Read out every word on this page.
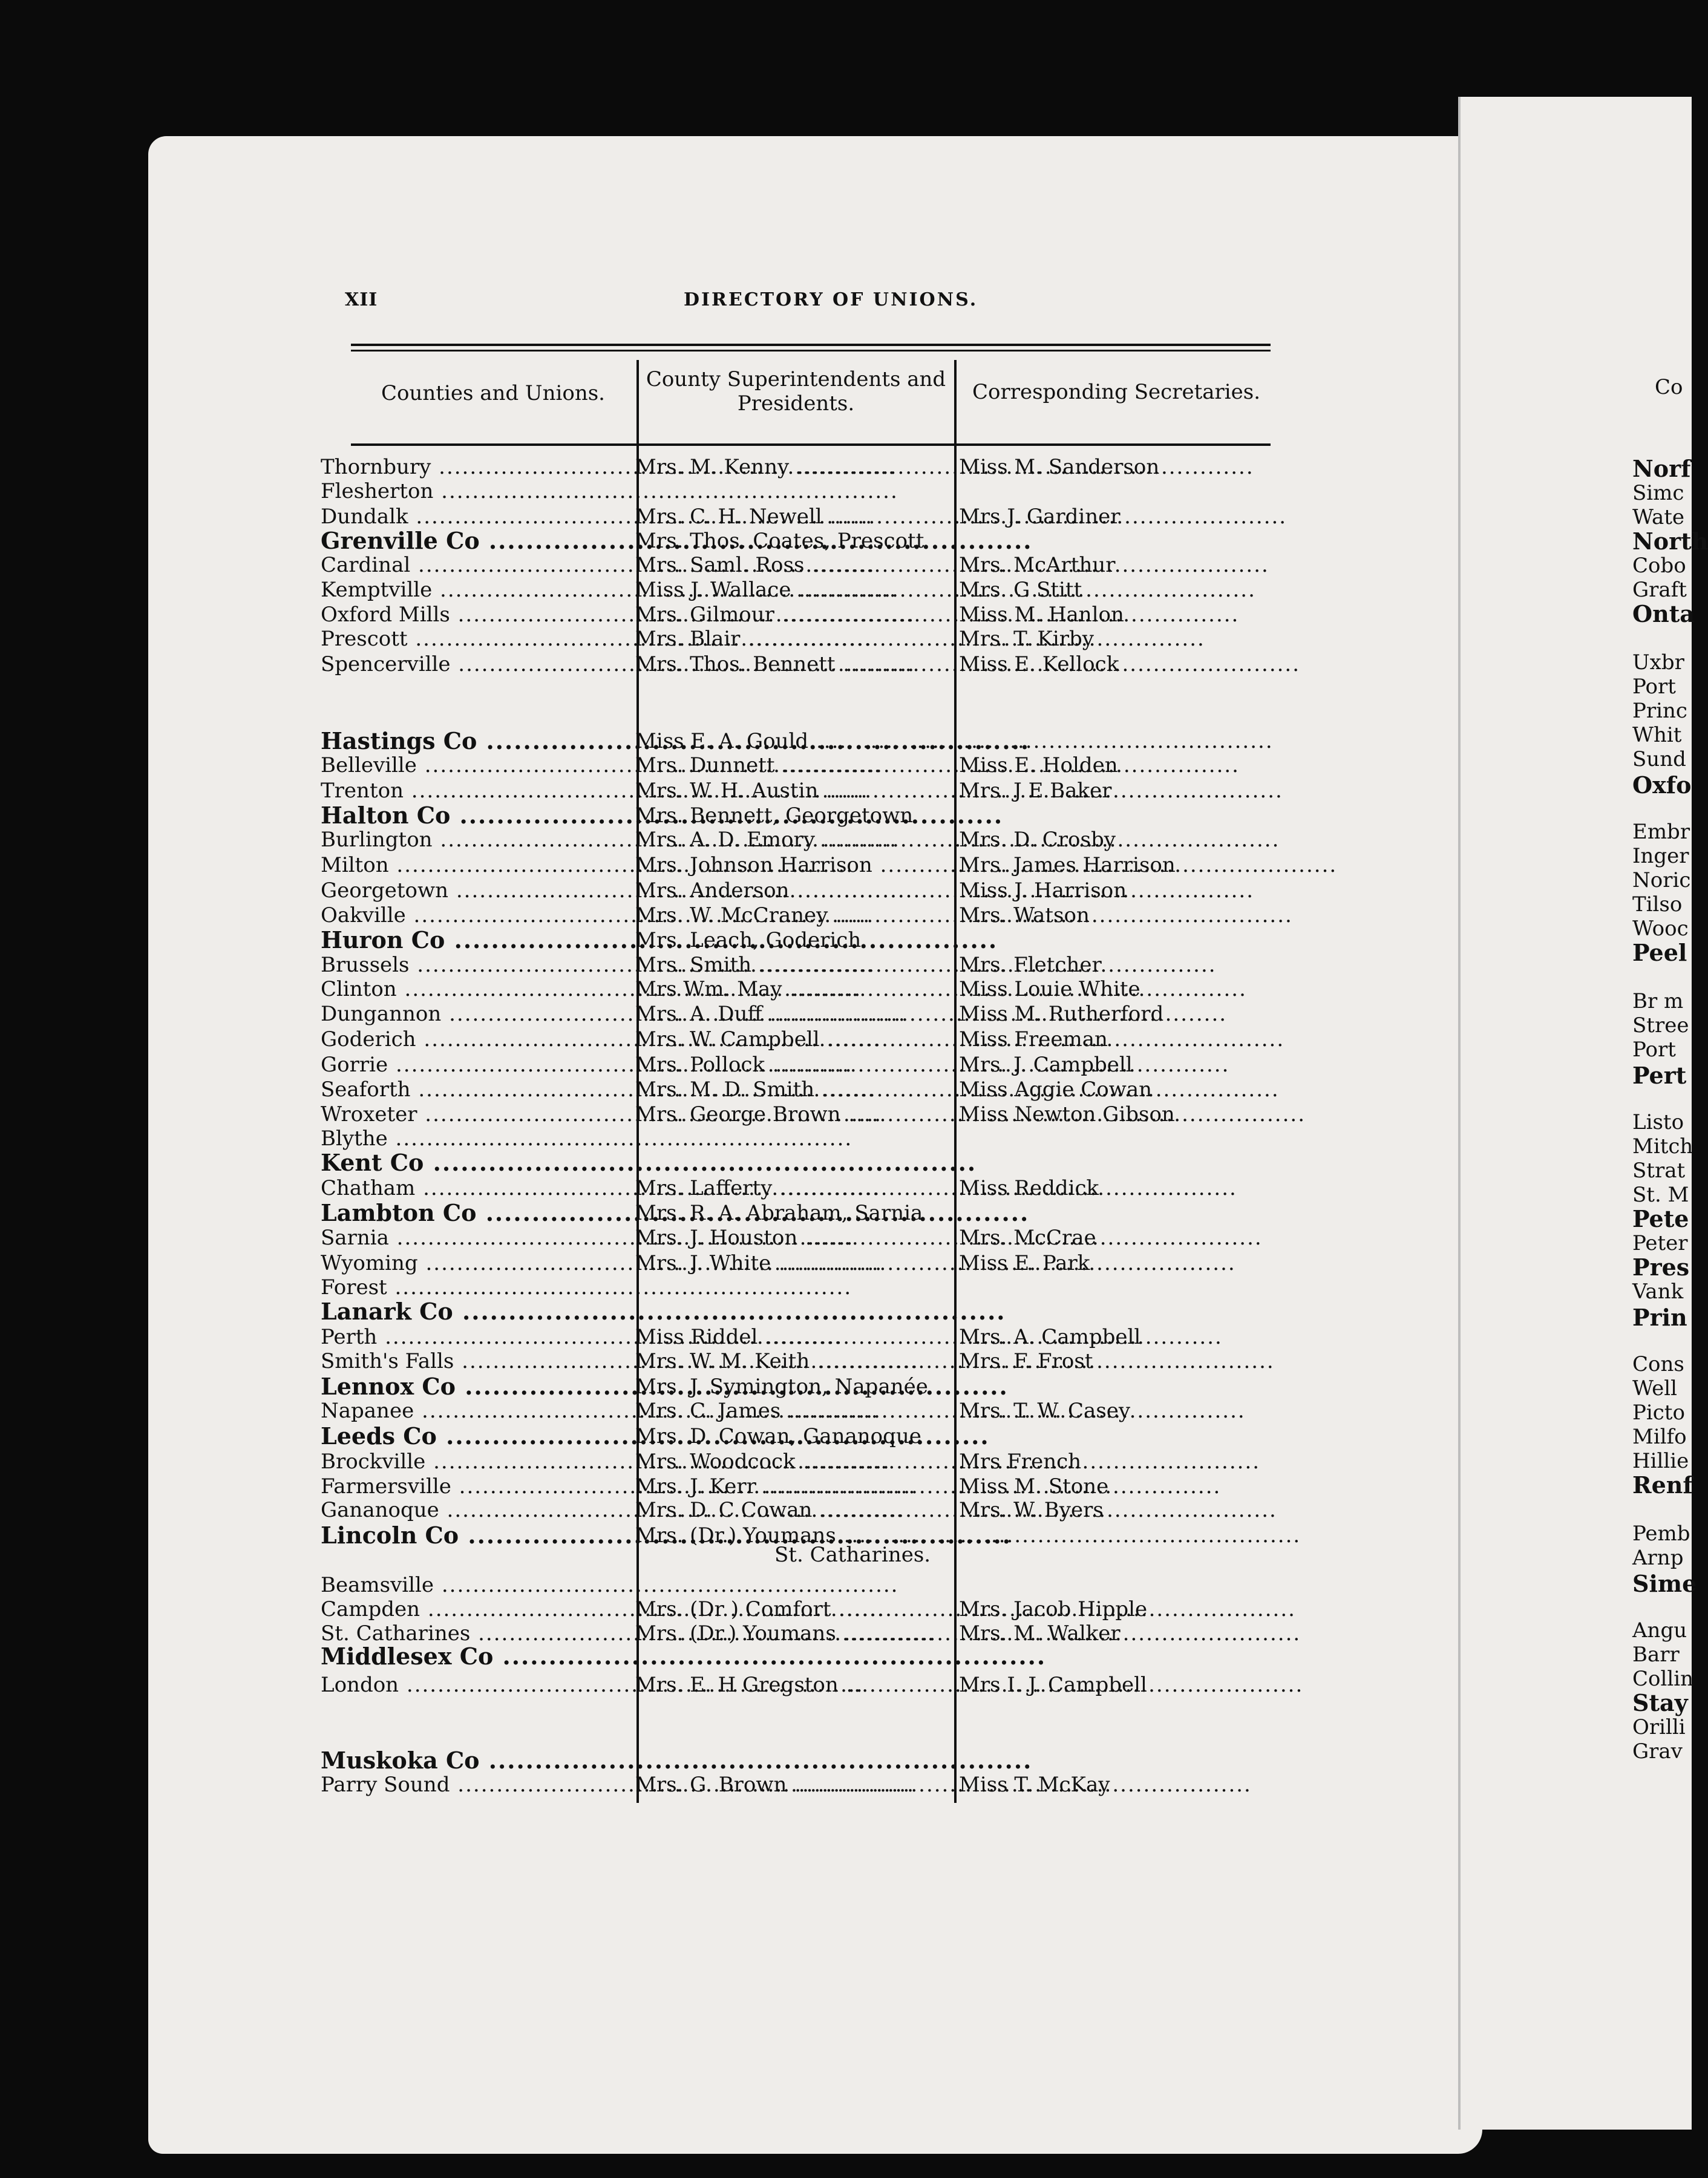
XII	DIRECTORY OF UNIONS.
Counties and Unions.
County Superintendents and
Presidents.	Corresponding Secretaries.
Thornbury .....	Mrs. M. Kenny .....	Miss M. Sanderson
Flesherton .....
Dundalk .....	Mrs. C. H. Newell .....	Mrs J. Gardiner
Grenville Co .....	Mrs. Thos. Coates, Prescott
Cardinal .....	Mrs. Saml. Ross .....	Mrs. McArthur
Kemptville .....	Miss J. Wallace .....	Mrs. G Stitt
Oxford Mills .....	Mrs. Gilmour .....	Miss M. Hanlon
Prescott .....	Mrs. Blair .....	Mrs. T. Kirby
Spencerville .....	Mrs. Thos. Bennett .....	Miss E. Kellock
Hastings Co .....	Miss E. A. Gould .....
Belleville .....	Mrs. Dunnett .....	Miss E. Holden
Trenton .....	Mrs. W. H. Austin .....	Mrs. J E Baker
Halton Co .....	Mrs. Bennett, Georgetown
Burlington .....	Mrs. A. D. Emory .....	Mrs. D. Crosby
Milton .....	Mrs. Johnson Harrison .....	Mrs. James Harrison
Georgetown .....	Mrs. Anderson .....	Miss J. Harrison
Oakville .....	Mrs. W. McCraney .....	Mrs. Watson
Huron Co .....	Mrs. Leach, Goderich
Brussels .....	Mrs. Smith .....	Mrs. Fletcher
Clinton .....	Mrs Wm. May .....	Miss Louie White
Dungannon .....	Mrs. A. Duff .....	Miss M. Rutherford
Goderich .....	Mrs. W. Campbell .....	Miss Freeman
Gorrie .....	Mrs. Pollock .....	Mrs. J. Campbell
Seaforth .....	Mrs. M. D. Smith .....	Miss Aggie Cowan
Wroxeter .....	Mrs. George Brown .....	Miss Newton Gibson
Blythe .....
Kent Co .....
Chatham .....	Mrs. Lafferty .....	Miss Reddick
Lambton Co .....	Mrs. R. A. Abraham, Sarnia
Sarnia .....	Mrs. J. Houston .....	Mrs. McCrae
Wyoming .....	Mrs. J. White .....	Miss E. Park
Forest .....
Lanark Co .....
Perth .....	Miss Riddel .....	Mrs. A. Campbell
Smith's Falls .....	Mrs. W. M. Keith .....	Mrs. F. Frost
Lennox Co .....	Mrs. J. Symington, Napanée
Napanee .....	Mrs. C. James .....	Mrs. T. W. Casey
Leeds Co .....	Mrs. D. Cowan, Gananoque
Brockville .....	Mrs. Woodcock .....	Mrs French
Farmersville .....	Mrs. J. Kerr .....	Miss M. Stone
Gananoque .....	Mrs. D. C Cowan .....	Mrs. W. Byers
Lincoln Co .....	Mrs. (Dr.) Youmans .....
St. Catharines.
Beamsville .....
Campden .....	Mrs. (Dr ) Comfort .....	Mrs. Jacob Hipple
St. Catharines .....	Mrs. (Dr.) Youmans .....	Mrs. M. Walker
Middlesex Co .....
London .....	Mrs. E. H Gregston .....	Mrs I. J. Campbell
Muskoka Co .....
Parry Sound .....	Mrs. G. Brown .....	Miss T. McKay
Co
Norf
Simc
Wate
North
Cobo
Graft
Onta
Uxbr
Port
Princ
Whit
Sund
Oxfo
Embr
Inger
Noric
Tilso
Wooc
Peel
Br m
Stree
Port
Pert
Listo
Mitch
Strat
St. M
Pete
Peter
Pres
Vank
Prin
Cons
Well
Picto
Milfo
Hillie
Renf
Pemb
Arnp
Sime
Angu
Barr
Collin
Stay
Orilli
Grav
